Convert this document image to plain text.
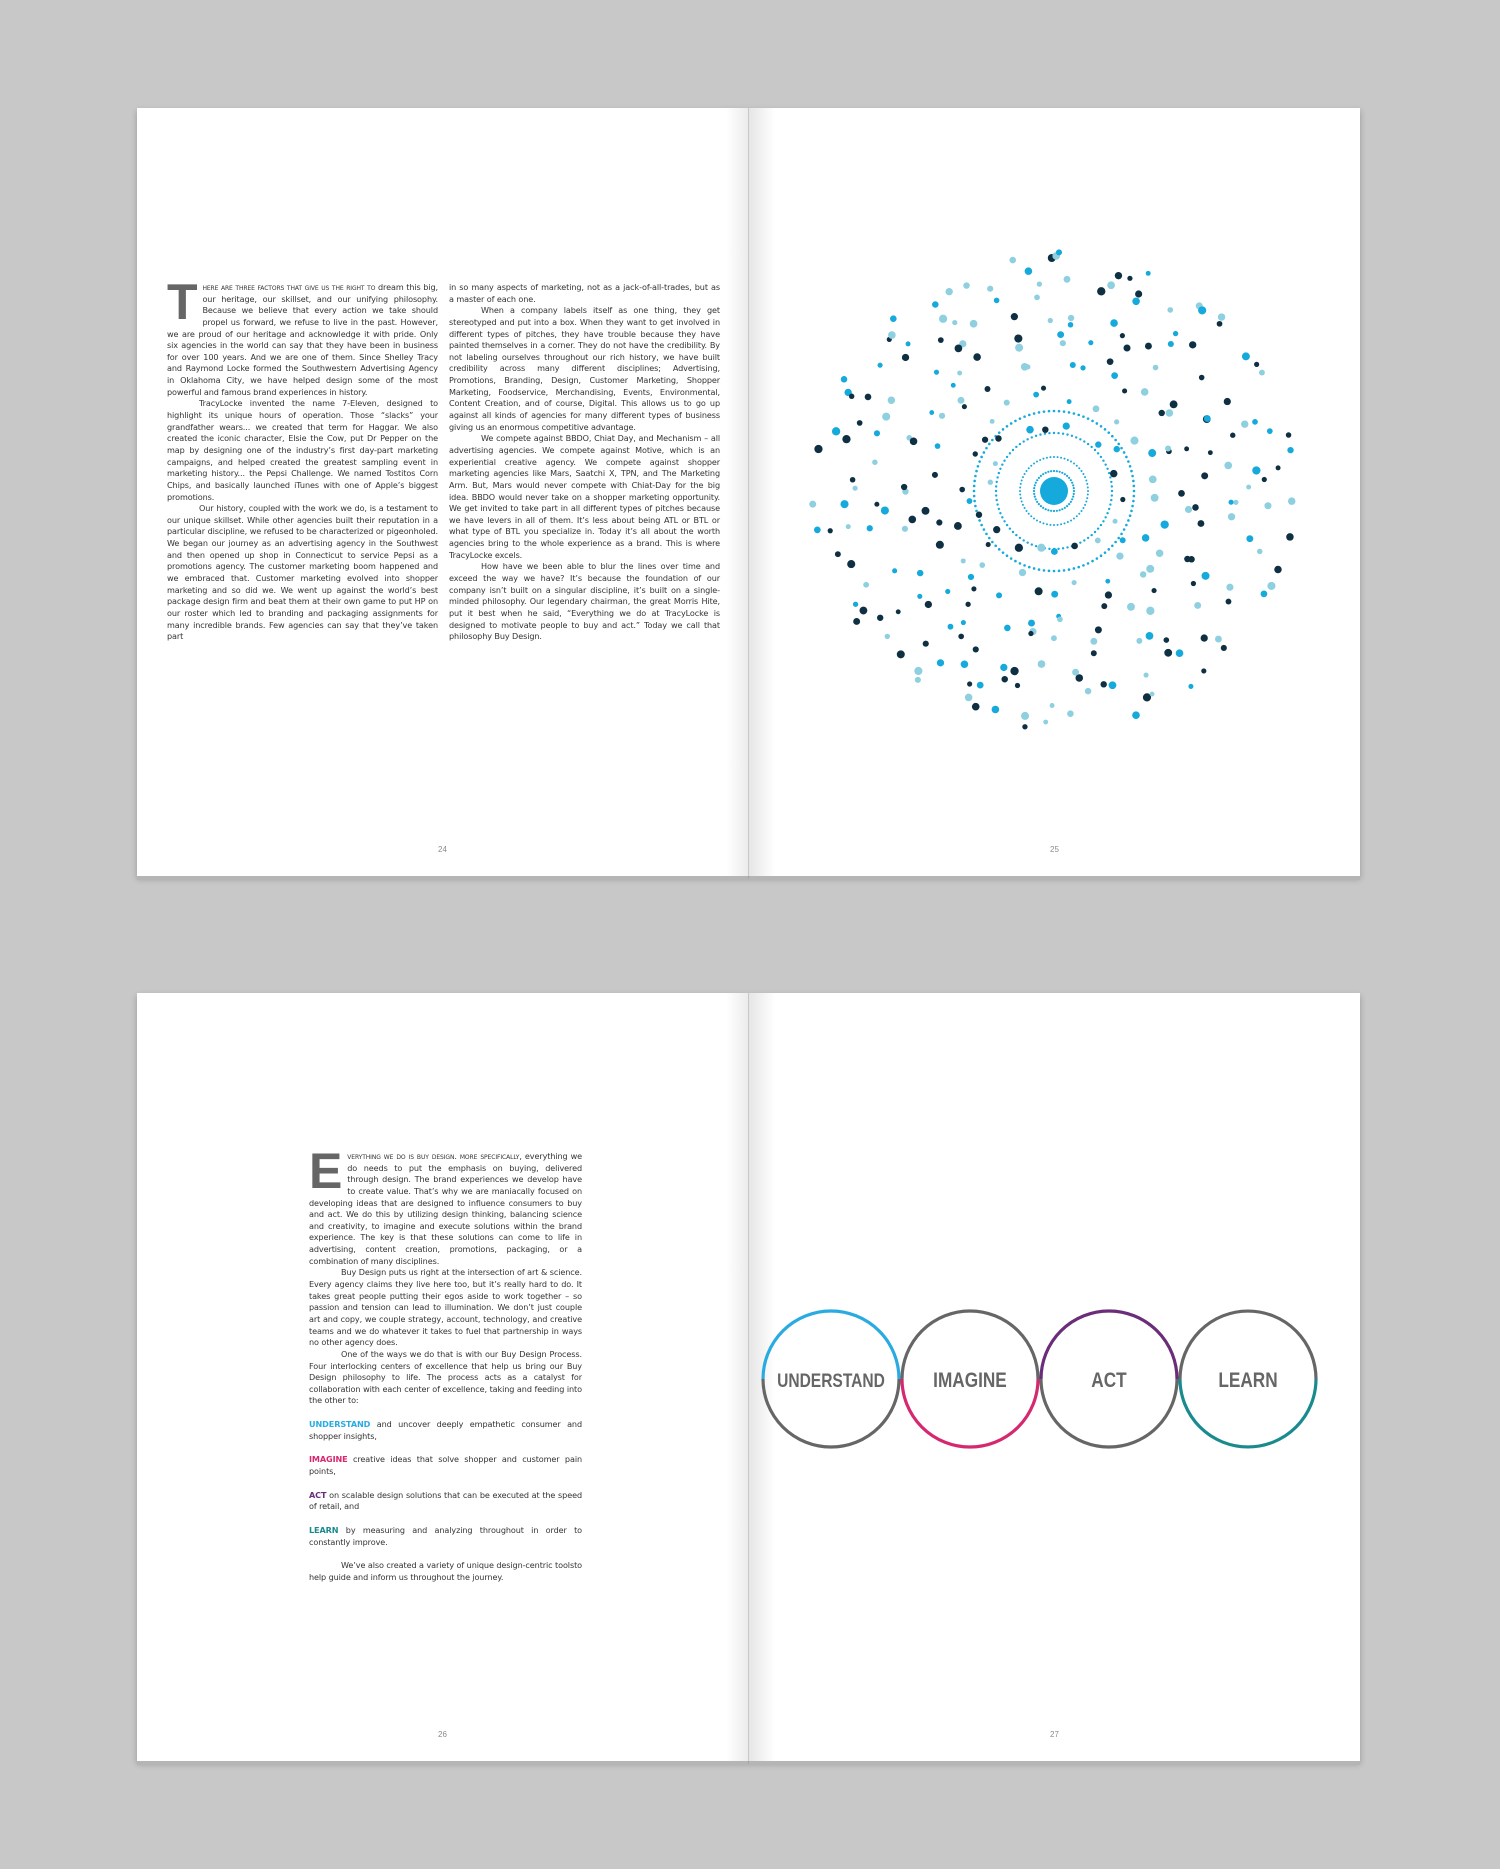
There are three factors that give us the right to dream this big, our heritage, our skillset, and our unifying philosophy. Because we believe that every action we take should propel us forward, we refuse to live in the past. However, we are proud of our heritage and acknowledge it with pride. Only six agencies in the world can say that they have been in business for over 100 years. And we are one of them. Since Shelley Tracy and Raymond Locke formed the Southwestern Advertising Agency in Oklahoma City, we have helped design some of the most powerful and famous brand experiences in history.

TracyLocke invented the name 7-Eleven, designed to highlight its unique hours of operation. Those “slacks” your grandfather wears... we created that term for Haggar. We also created the iconic character, Elsie the Cow, put Dr Pepper on the map by designing one of the industry’s first day-part marketing campaigns, and helped created the greatest sampling event in marketing history... the Pepsi Challenge. We named Tostitos Corn Chips, and basically launched iTunes with one of Apple’s biggest promotions.

Our history, coupled with the work we do, is a testament to our unique skillset. While other agencies built their reputation in a particular discipline, we refused to be characterized or pigeonholed. We began our journey as an advertising agency in the Southwest and then opened up shop in Connecticut to service Pepsi as a promotions agency. The customer marketing boom happened and we embraced that. Customer marketing evolved into shopper marketing and so did we. We went up against the world’s best package design firm and beat them at their own game to put HP on our roster which led to branding and packaging assignments for many incredible brands. Few agencies can say that they’ve taken part

in so many aspects of marketing, not as a jack-of-all-trades, but as a master of each one.

When a company labels itself as one thing, they get stereotyped and put into a box. When they want to get involved in different types of pitches, they have trouble because they have painted themselves in a corner. They do not have the credibility. By not labeling ourselves throughout our rich history, we have built credibility across many different disciplines; Advertising, Promotions, Branding, Design, Customer Marketing, Shopper Marketing, Foodservice, Merchandising, Events, Environmental, Content Creation, and of course, Digital. This allows us to go up against all kinds of agencies for many different types of business giving us an enormous competitive advantage.

We compete against BBDO, Chiat Day, and Mechanism – all advertising agencies. We compete against Motive, which is an experiential creative agency. We compete against shopper marketing agencies like Mars, Saatchi X, TPN, and The Marketing Arm. But, Mars would never compete with Chiat-Day for the big idea. BBDO would never take on a shopper marketing opportunity. We get invited to take part in all different types of pitches because we have levers in all of them. It’s less about being ATL or BTL or what type of BTL you specialize in. Today it’s all about the worth agencies bring to the whole experience as a brand. This is where TracyLocke excels.

How have we been able to blur the lines over time and exceed the way we have? It’s because the foundation of our company isn’t built on a singular discipline, it’s built on a single-minded philosophy. Our legendary chairman, the great Morris Hite, put it best when he said, “Everything we do at TracyLocke is designed to motivate people to buy and act.” Today we call that philosophy Buy Design.

24	25

Everything we do is buy design. more specifically, everything we do needs to put the emphasis on buying, delivered through design. The brand experiences we develop have to create value. That’s why we are maniacally focused on developing ideas that are designed to influence consumers to buy and act. We do this by utilizing design thinking, balancing science and creativity, to imagine and execute solutions within the brand experience. The key is that these solutions can come to life in advertising, content creation, promotions, packaging, or a combination of many disciplines.

Buy Design puts us right at the intersection of art & science. Every agency claims they live here too, but it’s really hard to do. It takes great people putting their egos aside to work together – so passion and tension can lead to illumination. We don’t just couple art and copy, we couple strategy, account, technology, and creative teams and we do whatever it takes to fuel that partnership in ways no other agency does.

One of the ways we do that is with our Buy Design Process. Four interlocking centers of excellence that help us bring our Buy Design philosophy to life. The process acts as a catalyst for collaboration with each center of excellence, taking and feeding into the other to:

UNDERSTAND and uncover deeply empathetic consumer and shopper insights,

IMAGINE creative ideas that solve shopper and customer pain points,

ACT on scalable design solutions that can be executed at the speed of retail, and

LEARN by measuring and analyzing throughout in order to constantly improve.

We’ve also created a variety of unique design-centric toolsto help guide and inform us throughout the journey.

26
UNDERSTAND IMAGINE	ACT	LEARN
27
